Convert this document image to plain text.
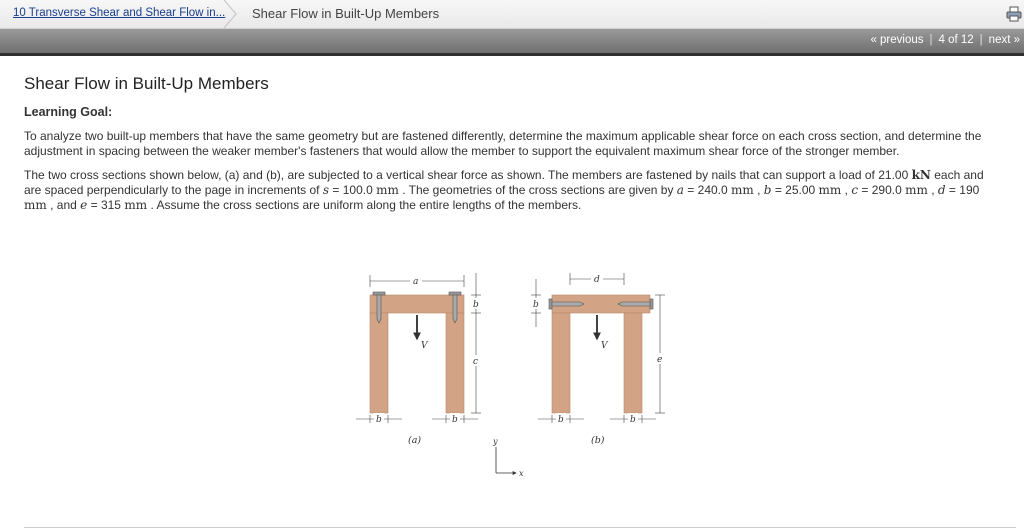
10 Transverse Shear and Shear Flow in... Shear Flow in Built-Up Members
« previous | 4 of 12 | next »
Shear Flow in Built-Up Members
Learning Goal:

To analyze two built-up members that have the same geometry but are fastened differently, determine the maximum applicable shear force on each cross section, and determine the adjustment in spacing between the weaker member's fasteners that would allow the member to support the equivalent maximum shear force of the stronger member.

The two cross sections shown below, (a) and (b), are subjected to a vertical shear force as shown. The members are fastened by nails that can support a load of 21.00 kN each and are spaced perpendicularly to the page in increments of s = 100.0 mm . The geometries of the cross sections are given by a = 240.0 mm , b = 25.00 mm , c = 290.0 mm , d = 190 mm , and e = 315 mm . Assume the cross sections are uniform along the entire lengths of the members.

V
a
b
c
b	b
(a)
V
d
b
e
b	b
(b)
y
x
